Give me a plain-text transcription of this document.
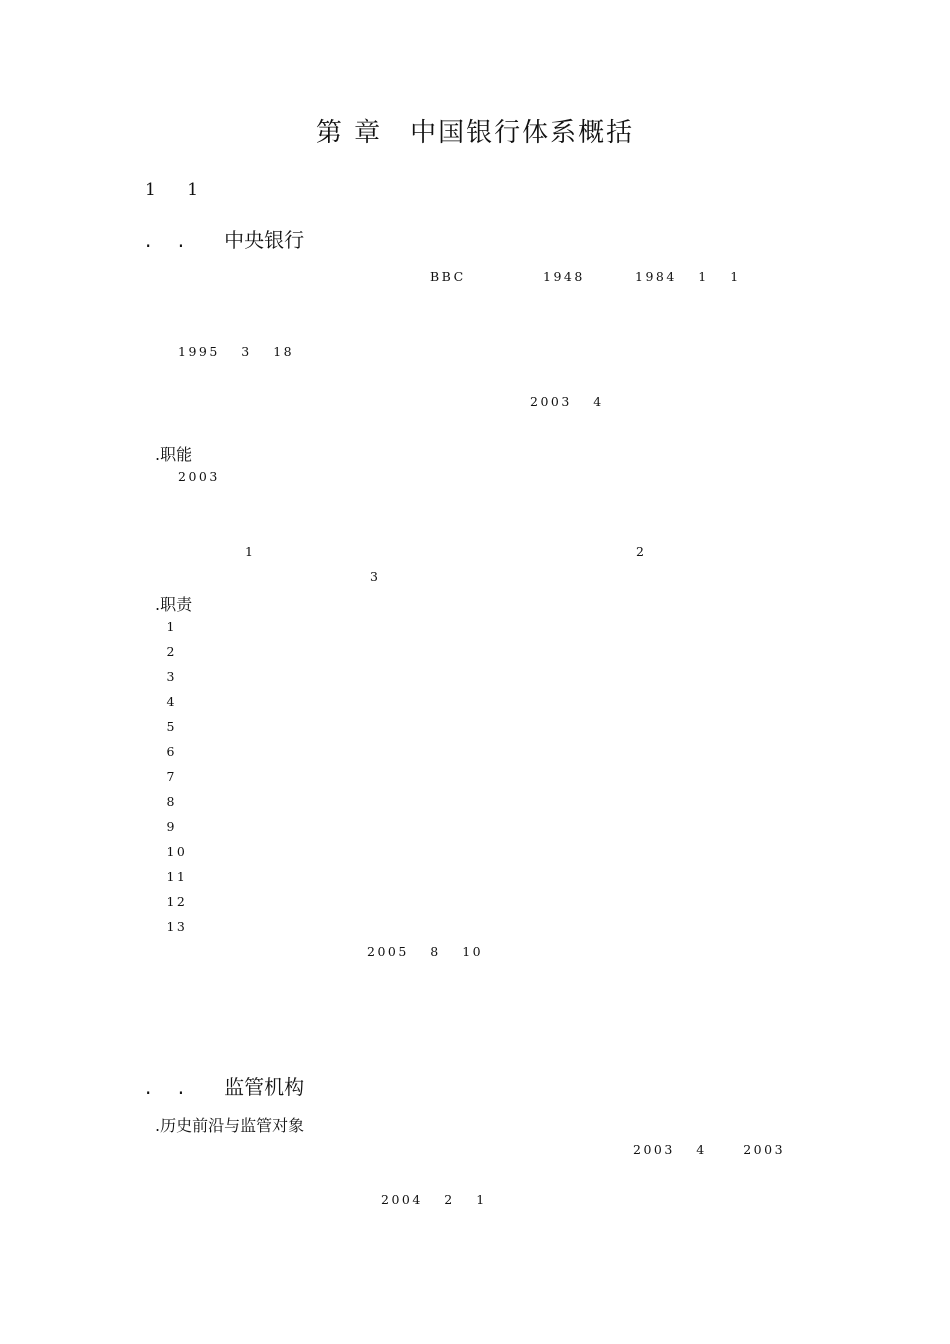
第 章　中国银行体系概括
1　 1 　　　　　　　　　　　　
.　 .　　中央银行

BBC　　　　 1948　　　 1984　 1　 1　　　　

1995　 3　 18　　　　　　　　　　　　　　　　　　　　　　　　　　　

2003　 4　　　　　　　　　　

.职能
2003　 　　　　　　　　　　　　　　　　　　　

1　　　　　　　　　　　　　　　　　　	2　　　　　　　　

3　　　　　　　　　　　
.职责
　 1　　　　　　　　　　　　　　　
　 2　　　　　　　　　　　
　 3　　　　　　　　　　　　
　 4　　　　　　　　　　　　　　　　　　
　 5　　　　　　　　　　　　　　　　
　 6　　　　　　　　
　 7　　　　　　　　　　　　　　　　　
　 8　　　　　
　 9　　　　　　　　　　　　　
　 10　　　　　　　　　　　　　　　　　　　　　　
　 11　　　　　　　　　　　　　　　　
　 12　　　　　　　　　　　　　　　　　　　
　 13　　　　　　　　　　

2005　 8　 10　　　　　

.　 .　　监管机构
.历史前沿与监管对象

2003　 4　　 2003　　

　　　2004　 2　 1　　　　　　
